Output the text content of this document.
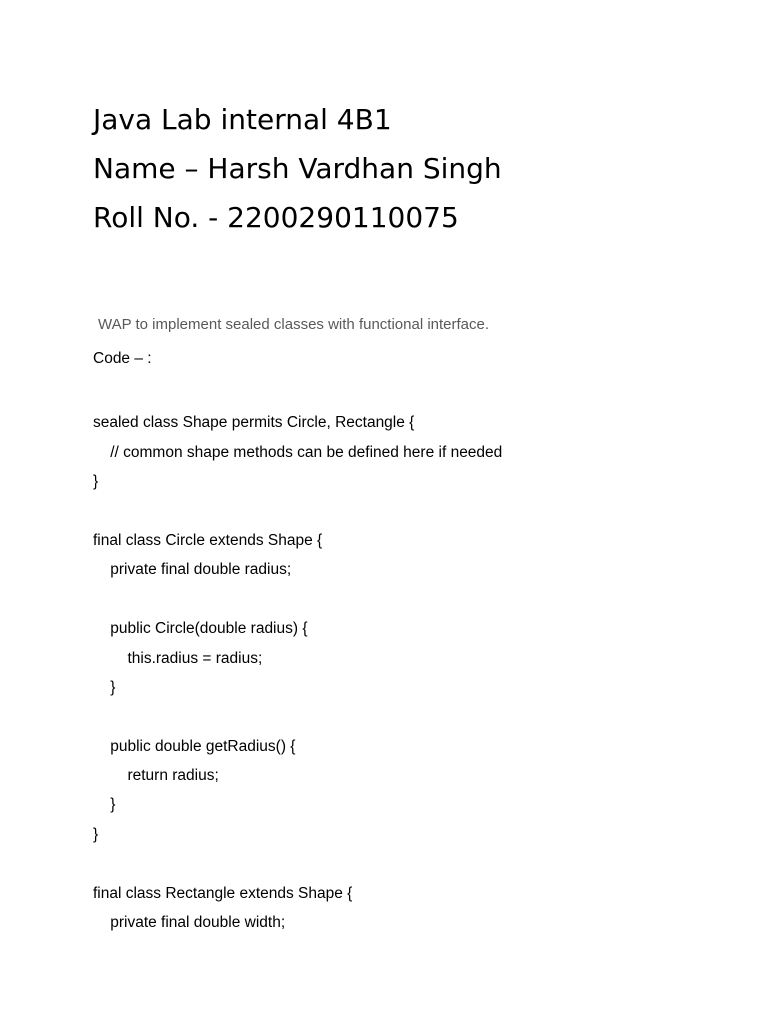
Java Lab internal 4B1
Name – Harsh Vardhan Singh
Roll No. - 2200290110075
WAP to implement sealed classes with functional interface.
Code – :
sealed class Shape permits Circle, Rectangle {
// common shape methods can be defined here if needed
}
final class Circle extends Shape {
private final double radius;
public Circle(double radius) {
this.radius = radius;
}
public double getRadius() {
return radius;
}
}
final class Rectangle extends Shape {
private final double width;
